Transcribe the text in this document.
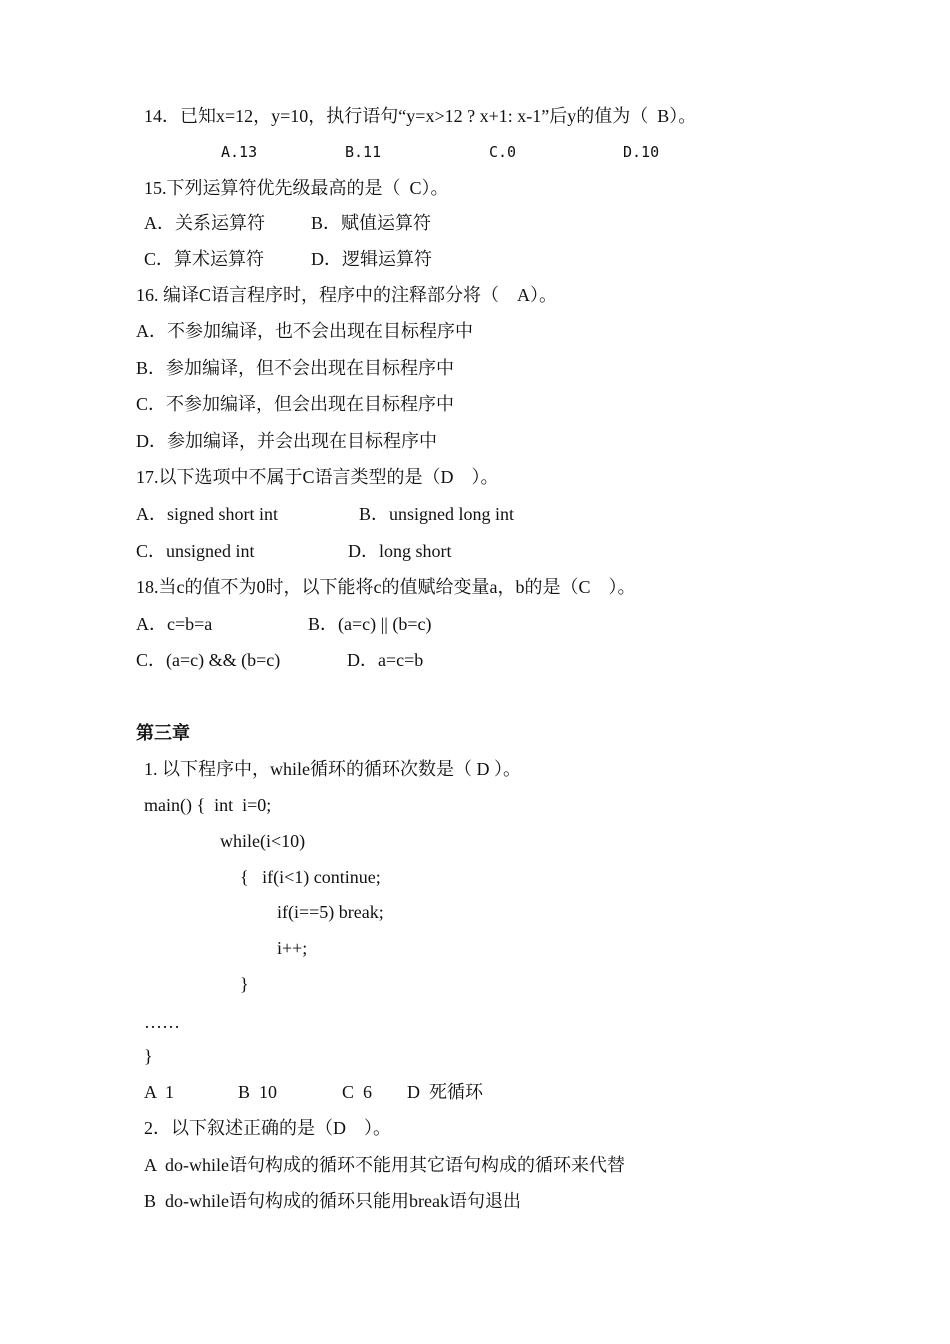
14．已知x=12，y=10，执行语句“y=x>12 ? x+1: x-1”后y的值为（  B）。
A.13	B.11	C.0	D.10
15.下列运算符优先级最高的是（  C）。
A．关系运算符	B．赋值运算符
C．算术运算符	D．逻辑运算符
16. 编译C语言程序时，程序中的注释部分将（    A）。
A．不参加编译，也不会出现在目标程序中
B．参加编译，但不会出现在目标程序中
C．不参加编译，但会出现在目标程序中
D．参加编译，并会出现在目标程序中
17.以下选项中不属于C语言类型的是（D    ）。
A．signed short int	B．unsigned long int
C．unsigned int	D．long short
18.当c的值不为0时，以下能将c的值赋给变量a，b的是（C    ）。
A．c=b=a	B．(a=c) || (b=c)
C．(a=c) && (b=c)	D．a=c=b
第三章
1. 以下程序中，while循环的循环次数是（ D ）。
main() {  int  i=0;
while(i<10)
{   if(i<1) continue;
if(i==5) break;
i++;
}
……
}
A  1	B  10	C  6 D  死循环
2．以下叙述正确的是（D    ）。
A  do-while语句构成的循环不能用其它语句构成的循环来代替
B  do-while语句构成的循环只能用break语句退出
